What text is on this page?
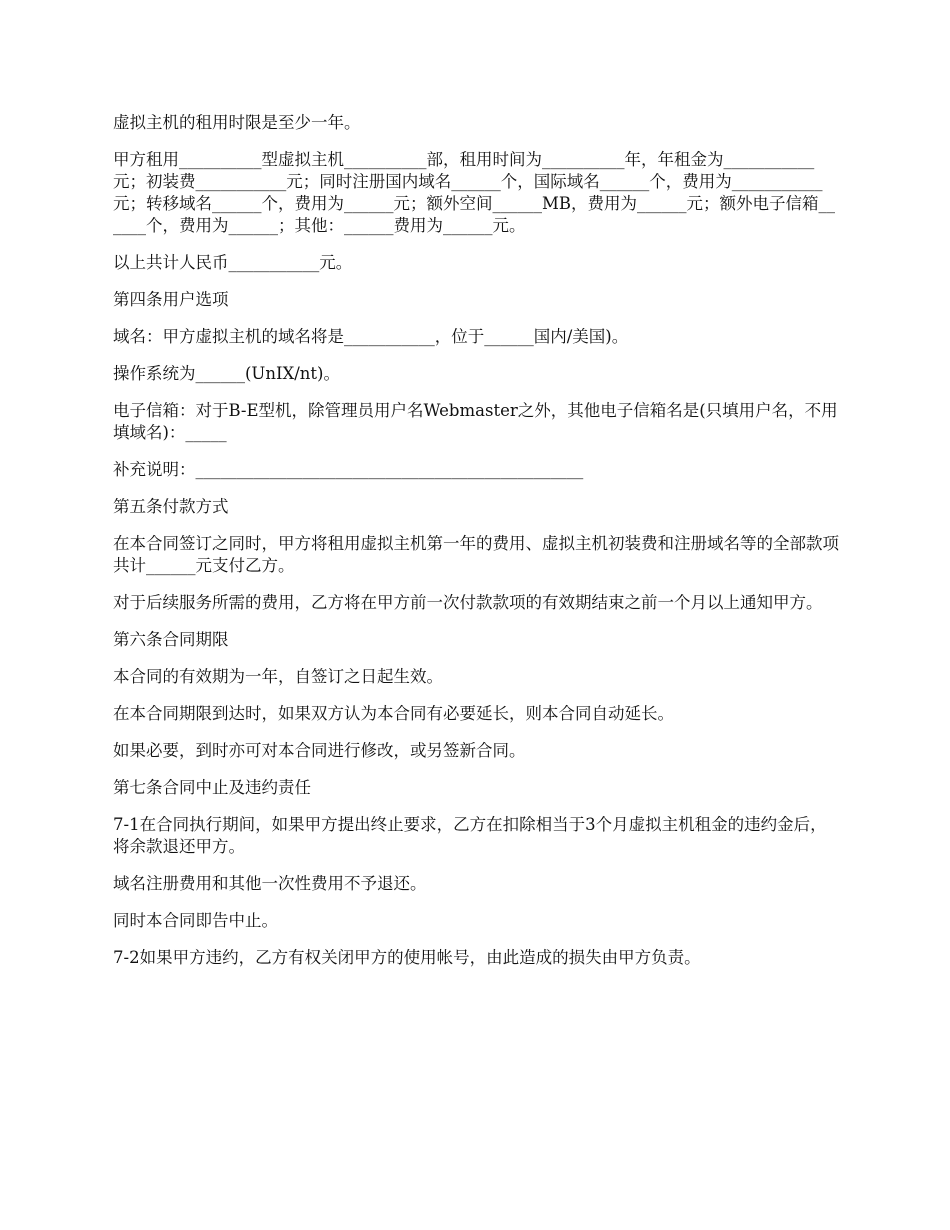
虚拟主机的租用时限是至少一年。

甲方租用__________型虚拟主机__________部，租用时间为__________年，年租金为___________元；初装费___________元；同时注册国内域名______个，国际域名______个，费用为___________元；转移域名______个，费用为______元；额外空间______MB，费用为______元；额外电子信箱______个，费用为______；其他：______费用为______元。

以上共计人民币___________元。

第四条用户选项

域名：甲方虚拟主机的域名将是___________，位于______国内/美国)。

操作系统为______(UnIX/nt)。

电子信箱：对于B-E型机，除管理员用户名Webmaster之外，其他电子信箱名是(只填用户名，不用填域名)：_____

补充说明：_______________________________________________

第五条付款方式

在本合同签订之同时，甲方将租用虚拟主机第一年的费用、虚拟主机初装费和注册域名等的全部款项共计______元支付乙方。

对于后续服务所需的费用，乙方将在甲方前一次付款款项的有效期结束之前一个月以上通知甲方。

第六条合同期限

本合同的有效期为一年，自签订之日起生效。

在本合同期限到达时，如果双方认为本合同有必要延长，则本合同自动延长。

如果必要，到时亦可对本合同进行修改，或另签新合同。

第七条合同中止及违约责任

7-1在合同执行期间，如果甲方提出终止要求，乙方在扣除相当于3个月虚拟主机租金的违约金后，将余款退还甲方。

域名注册费用和其他一次性费用不予退还。

同时本合同即告中止。

7-2如果甲方违约，乙方有权关闭甲方的使用帐号，由此造成的损失由甲方负责。
